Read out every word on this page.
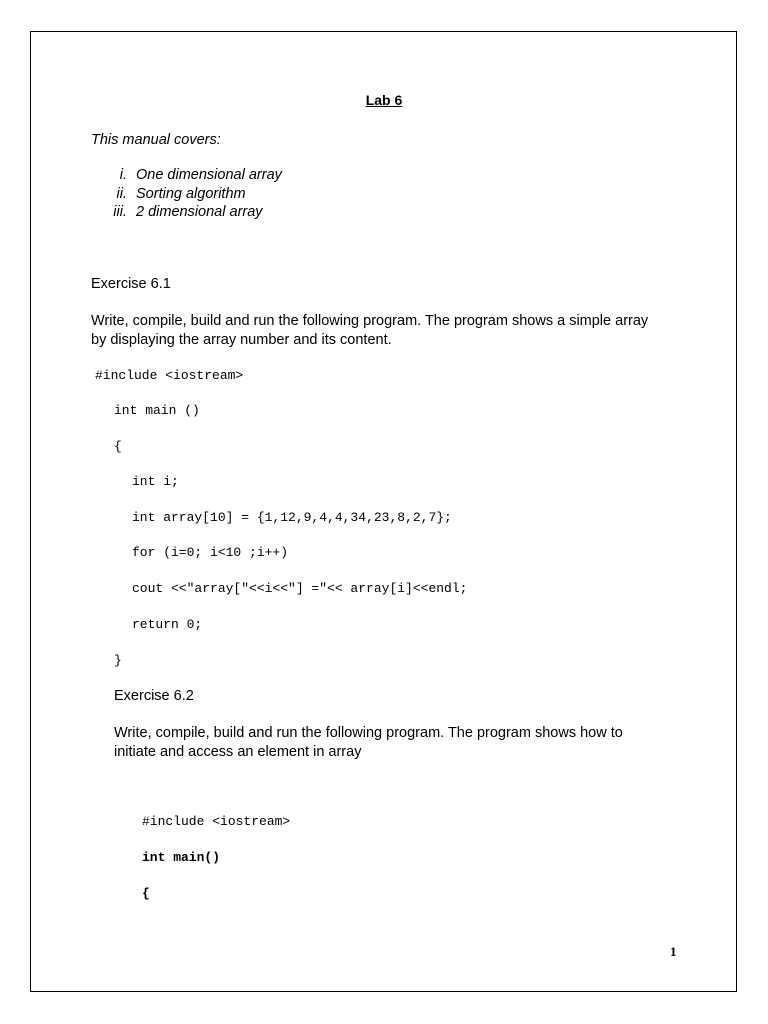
Lab 6
This manual covers:
i. One dimensional array
ii. Sorting algorithm
iii. 2 dimensional array
Exercise 6.1
Write, compile, build and run the following program. The program shows a simple array
by displaying the array number and its content.
#include <iostream>
int main ()
{
int i;
int array[10] = {1,12,9,4,4,34,23,8,2,7};
for (i=0; i<10 ;i++)
cout <<"array["<<i<<"] ="<< array[i]<<endl;
return 0;
}
Exercise 6.2
Write, compile, build and run the following program. The program shows how to
initiate and access an element in array
#include <iostream>
int main()
{
1
